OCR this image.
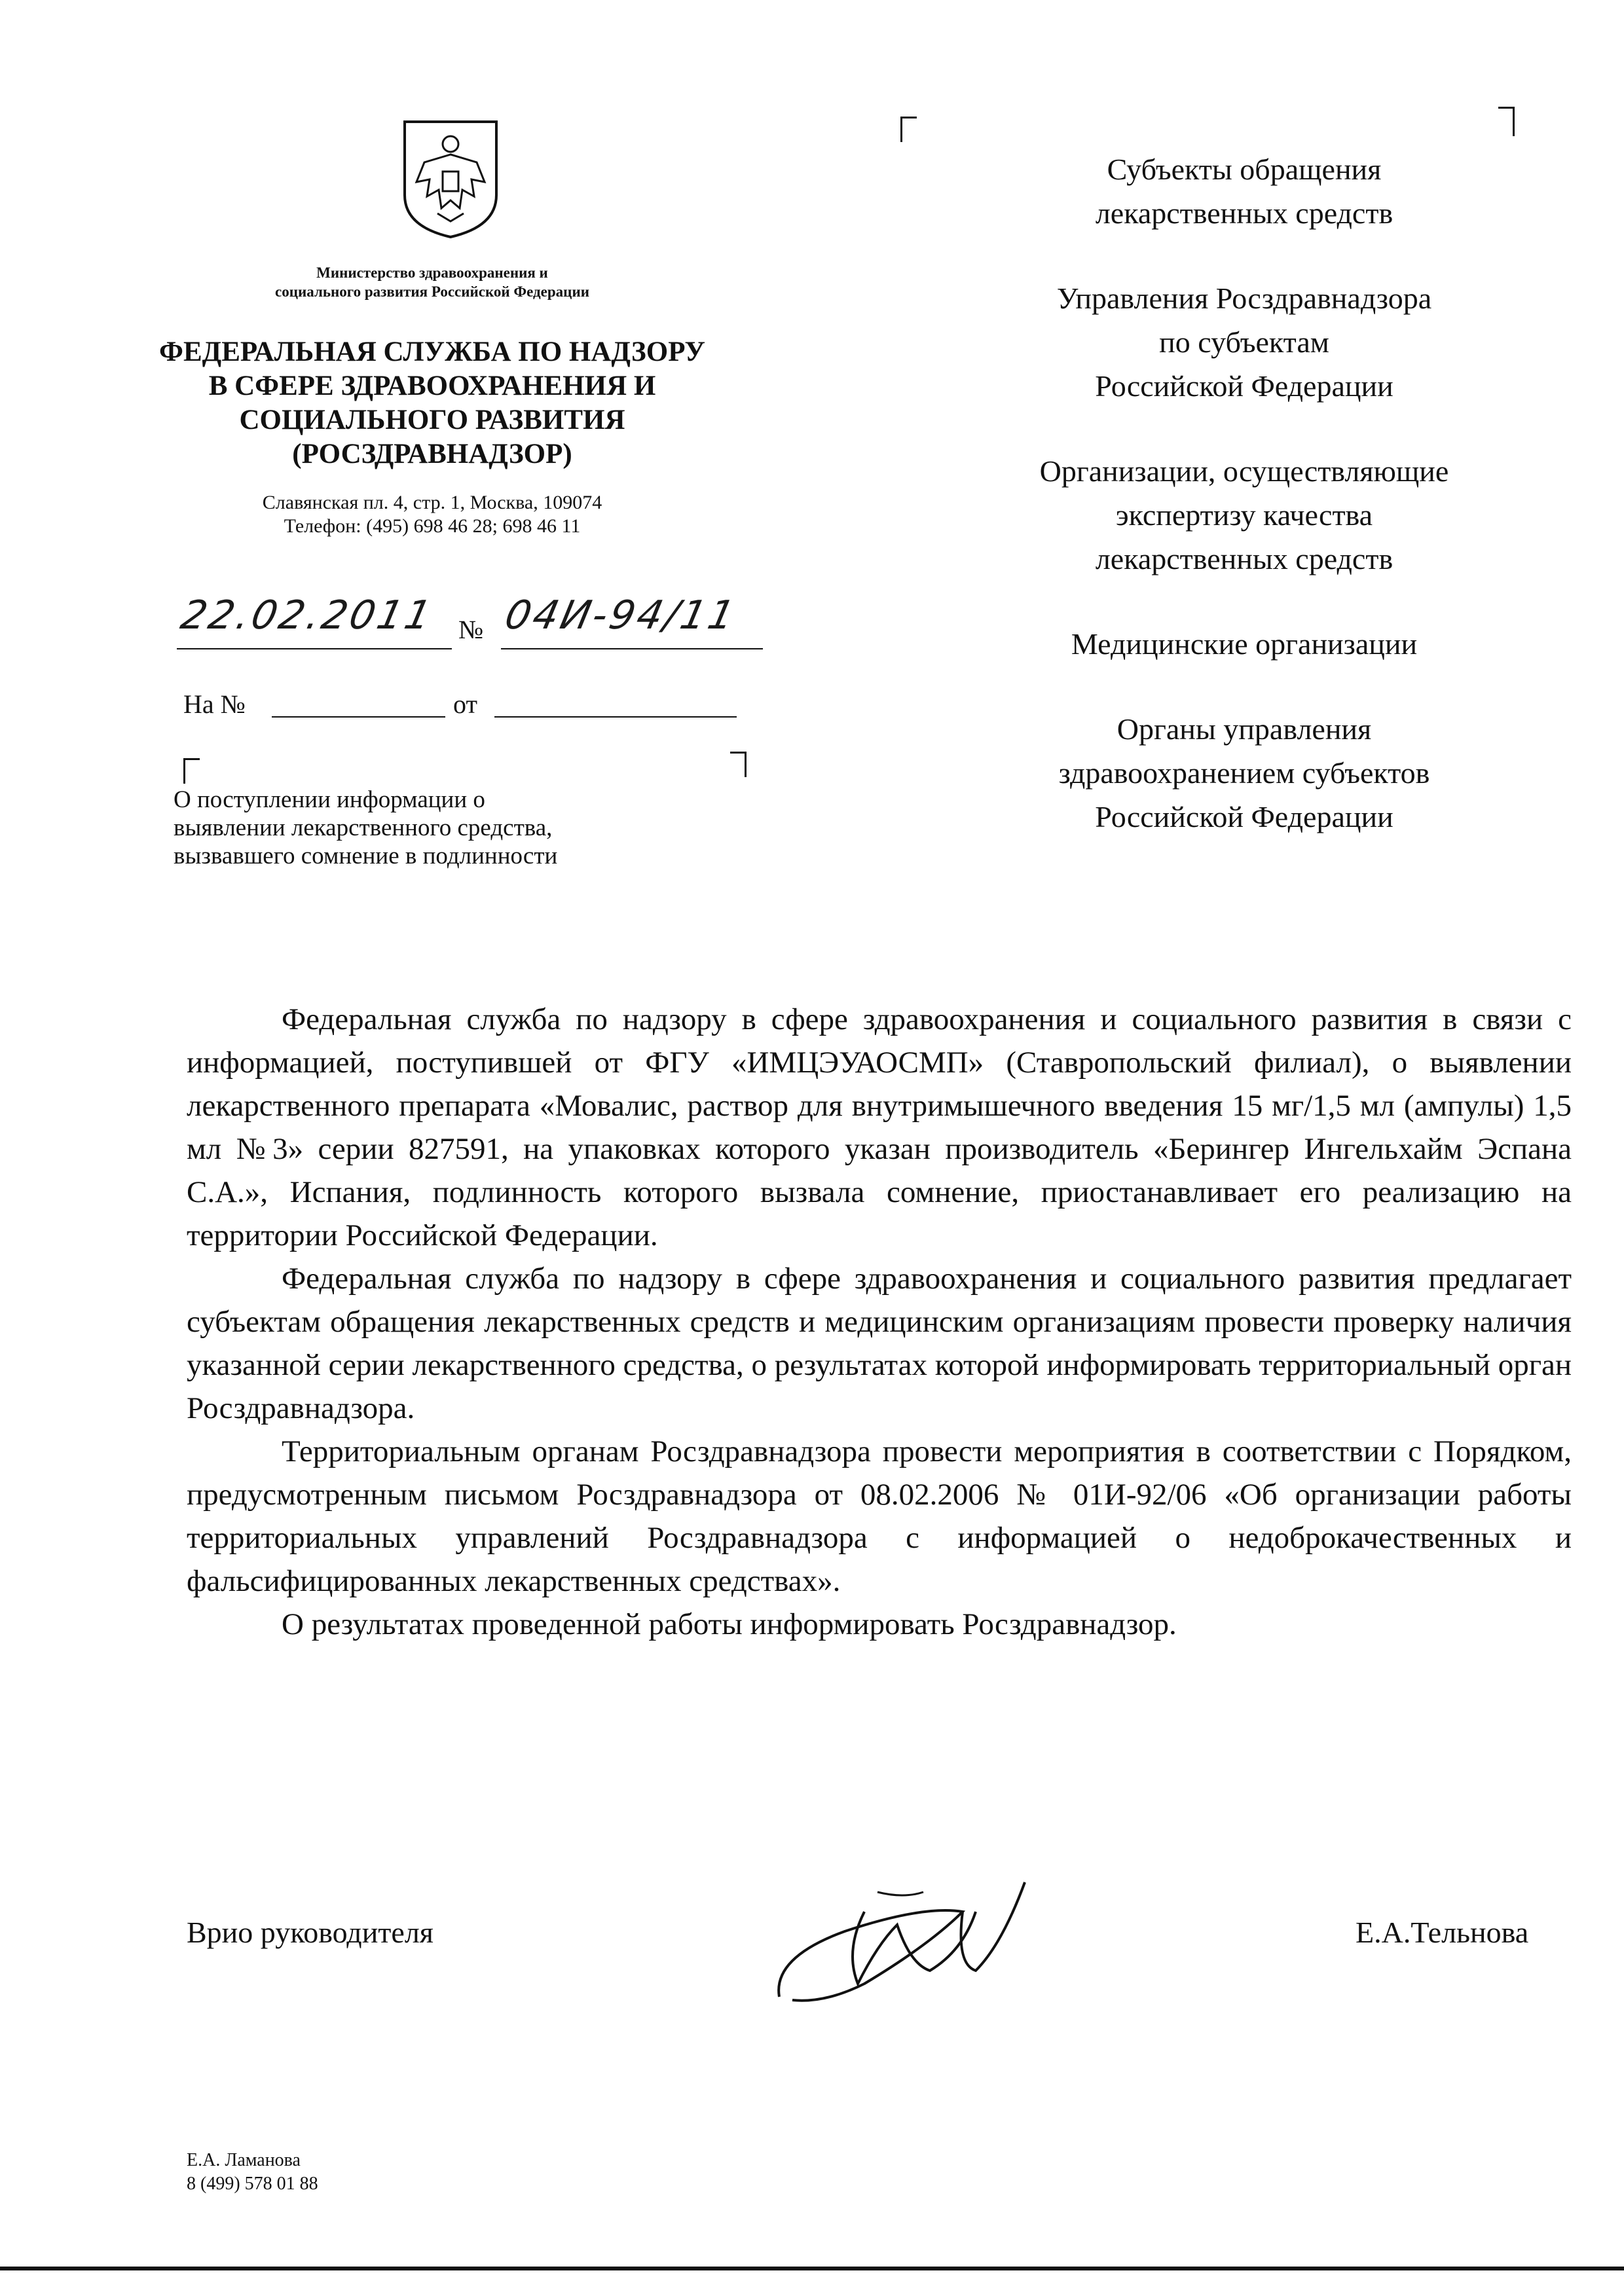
Министерство здравоохранения и
социального развития Российской Федерации
ФЕДЕРАЛЬНАЯ СЛУЖБА ПО НАДЗОРУ
В СФЕРЕ ЗДРАВООХРАНЕНИЯ И
СОЦИАЛЬНОГО РАЗВИТИЯ
(РОСЗДРАВНАДЗОР)
Славянская пл. 4, стр. 1, Москва, 109074
Телефон: (495) 698 46 28; 698 46 11
22.02.2011 № 04И-94/11
На №	от
О поступлении информации о
выявлении лекарственного средства,
вызвавшего сомнение в подлинности
Субъекты обращения
лекарственных средств
Управления Росздравнадзора
по субъектам
Российской Федерации
Организации, осуществляющие
экспертизу качества
лекарственных средств
Медицинские организации
Органы управления
здравоохранением субъектов
Российской Федерации

Федеральная служба по надзору в сфере здравоохранения и социального развития в связи с информацией, поступившей от ФГУ «ИМЦЭУАОСМП» (Ставропольский филиал), о выявлении лекарственного препарата «Мовалис, раствор для внутримышечного введения 15 мг/1,5 мл (ампулы) 1,5 мл №3» серии 827591, на упаковках которого указан производитель «Берингер Ингельхайм Эспана С.А.», Испания, подлинность которого вызвала сомнение, приостанавливает его реализацию на территории Российской Федерации.

Федеральная служба по надзору в сфере здравоохранения и социального развития предлагает субъектам обращения лекарственных средств и медицинским организациям провести проверку наличия указанной серии лекарственного средства, о результатах которой информировать территориальный орган Росздравнадзора.

Территориальным органам Росздравнадзора провести мероприятия в соответствии с Порядком, предусмотренным письмом Росздравнадзора от 08.02.2006 № 01И-92/06 «Об организации работы территориальных управлений Росздравнадзора с информацией о недоброкачественных и фальсифицированных лекарственных средствах».

О результатах проведенной работы информировать Росздравнадзор.

Врио руководителя	Е.А.Тельнова
Е.А. Ламанова
8 (499) 578 01 88
